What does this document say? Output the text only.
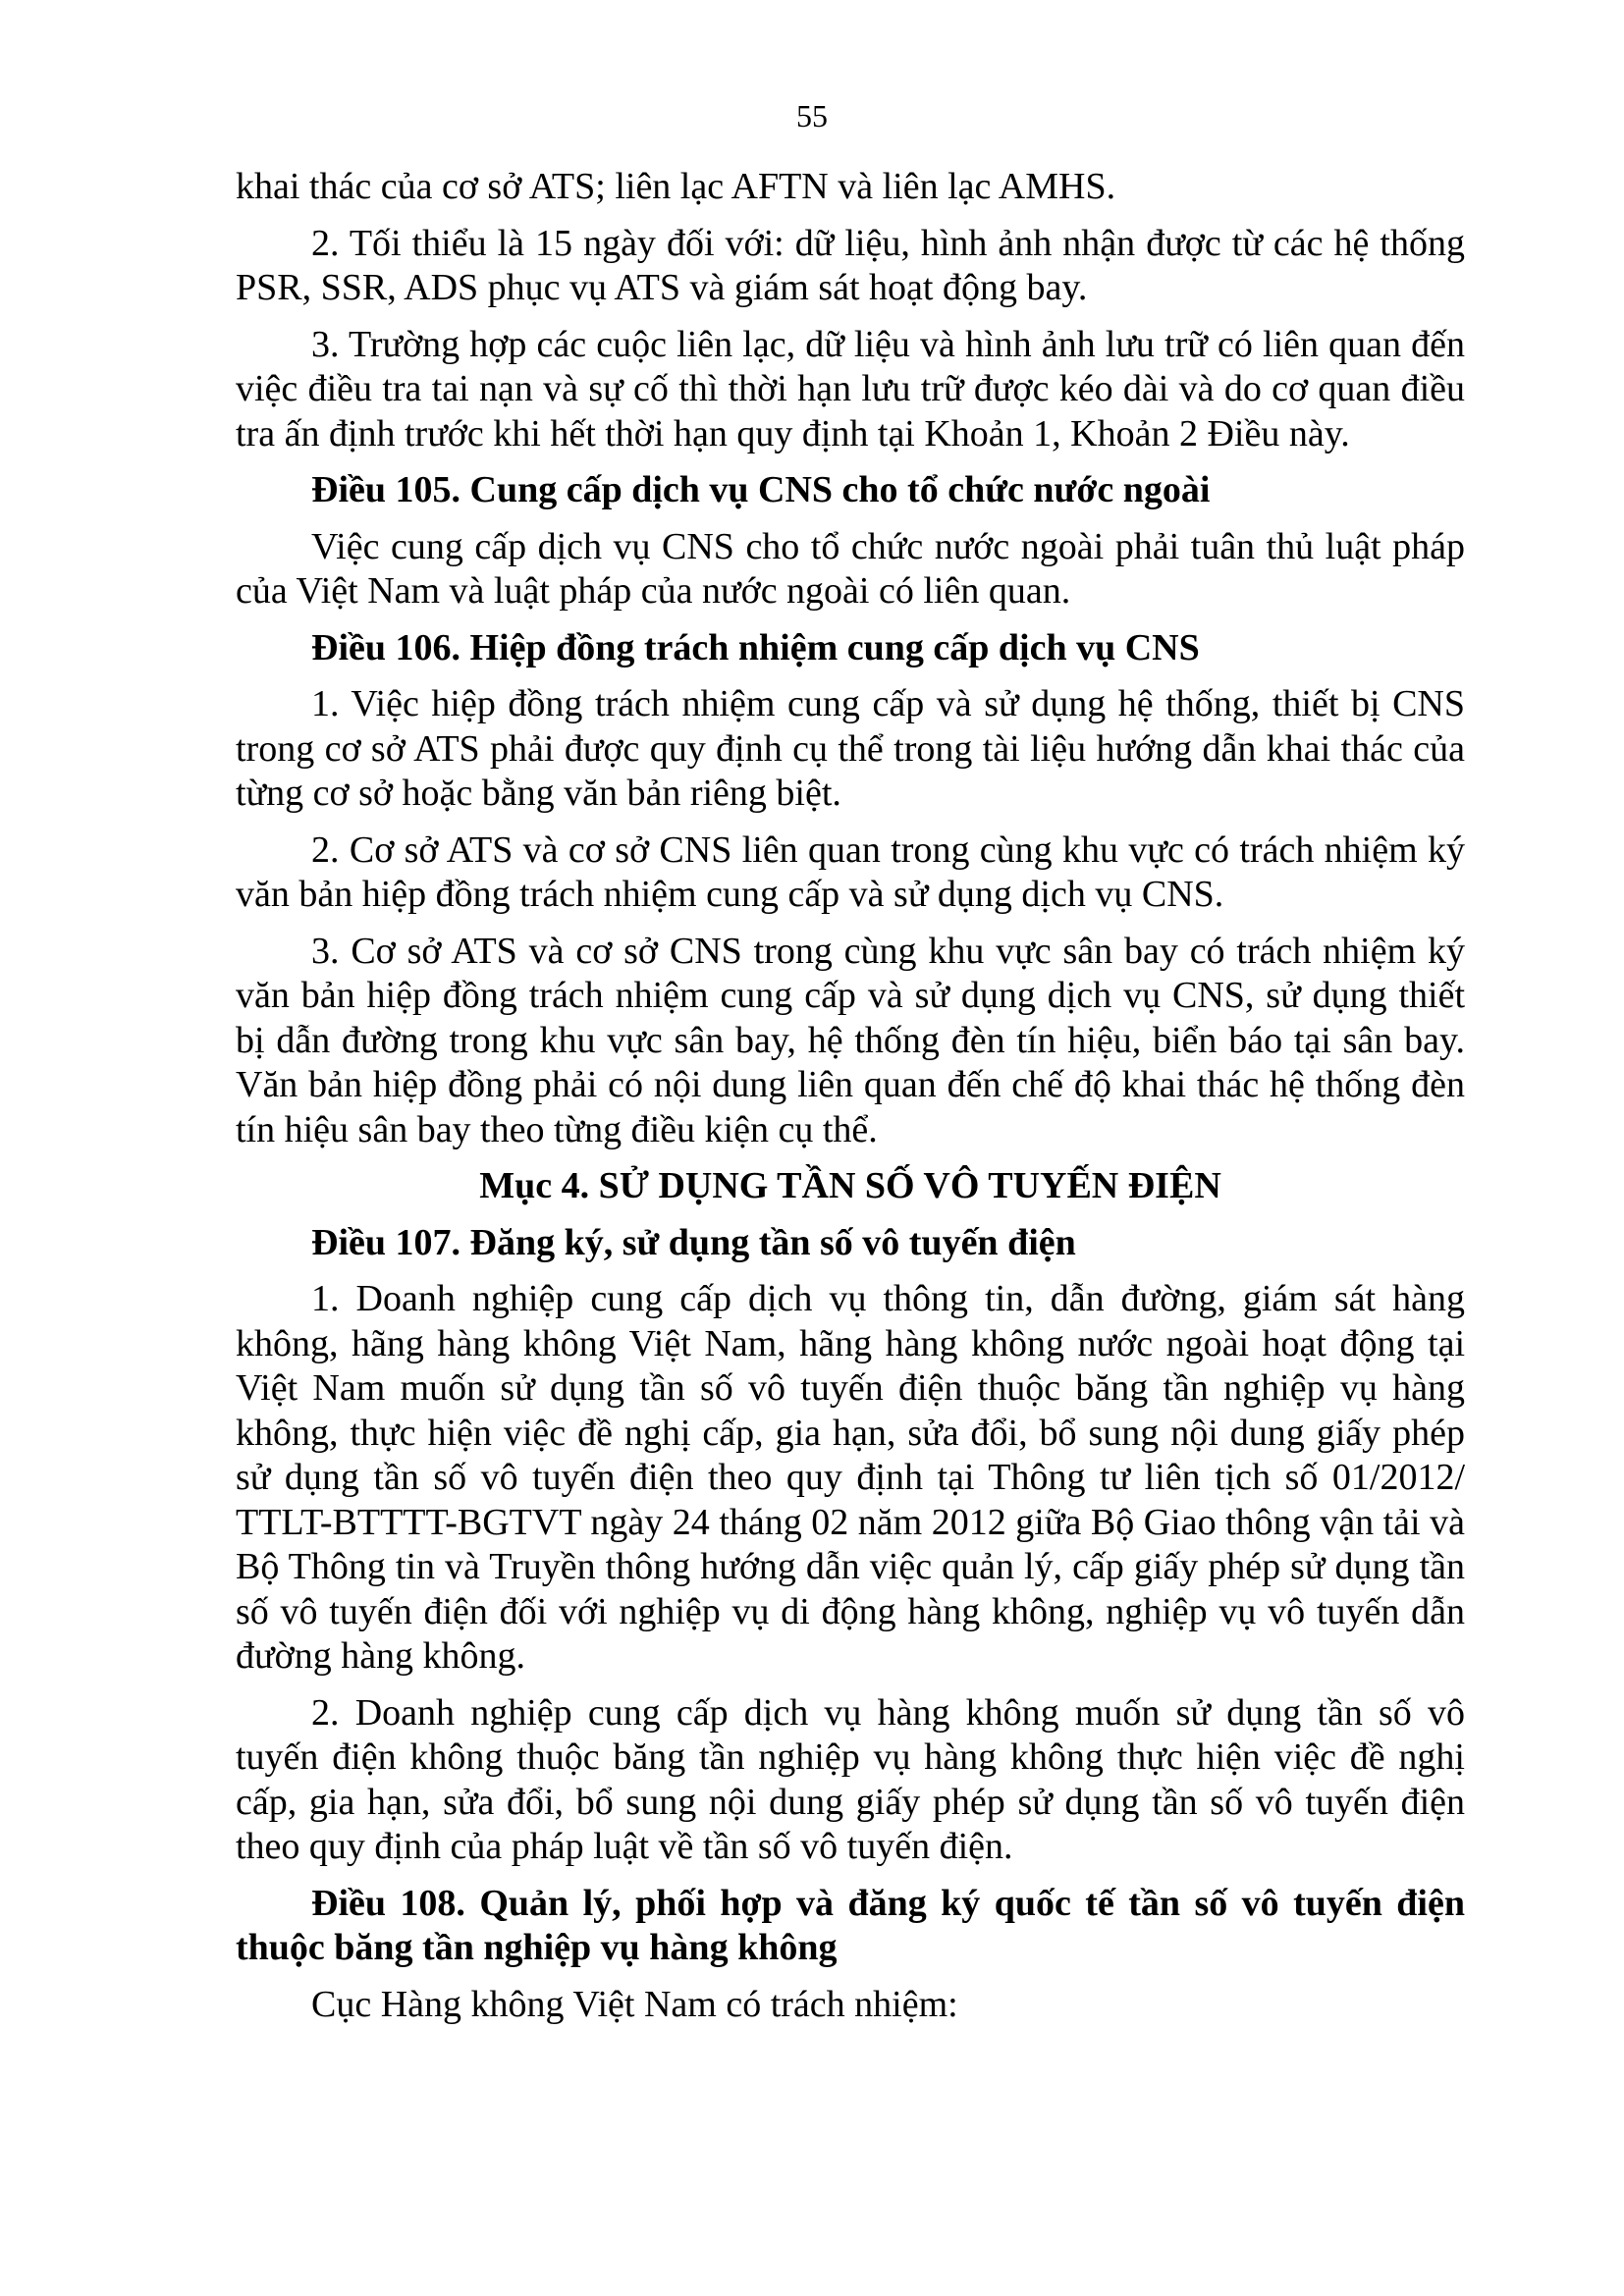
55

khai thác của cơ sở ATS; liên lạc AFTN và liên lạc AMHS.

2. Tối thiểu là 15 ngày đối với: dữ liệu, hình ảnh nhận được từ các hệ thống PSR, SSR, ADS phục vụ ATS và giám sát hoạt động bay.

3. Trường hợp các cuộc liên lạc, dữ liệu và hình ảnh lưu trữ có liên quan đến việc điều tra tai nạn và sự cố thì thời hạn lưu trữ được kéo dài và do cơ quan điều tra ấn định trước khi hết thời hạn quy định tại Khoản 1, Khoản 2 Điều này.

Điều 105. Cung cấp dịch vụ CNS cho tổ chức nước ngoài

Việc cung cấp dịch vụ CNS cho tổ chức nước ngoài phải tuân thủ luật pháp của Việt Nam và luật pháp của nước ngoài có liên quan.

Điều 106. Hiệp đồng trách nhiệm cung cấp dịch vụ CNS

1. Việc hiệp đồng trách nhiệm cung cấp và sử dụng hệ thống, thiết bị CNS trong cơ sở ATS phải được quy định cụ thể trong tài liệu hướng dẫn khai thác của từng cơ sở hoặc bằng văn bản riêng biệt.

2. Cơ sở ATS và cơ sở CNS liên quan trong cùng khu vực có trách nhiệm ký văn bản hiệp đồng trách nhiệm cung cấp và sử dụng dịch vụ CNS.

3. Cơ sở ATS và cơ sở CNS trong cùng khu vực sân bay có trách nhiệm ký văn bản hiệp đồng trách nhiệm cung cấp và sử dụng dịch vụ CNS, sử dụng thiết bị dẫn đường trong khu vực sân bay, hệ thống đèn tín hiệu, biển báo tại sân bay. Văn bản hiệp đồng phải có nội dung liên quan đến chế độ khai thác hệ thống đèn tín hiệu sân bay theo từng điều kiện cụ thể.

Mục 4. SỬ DỤNG TẦN SỐ VÔ TUYẾN ĐIỆN

Điều 107. Đăng ký, sử dụng tần số vô tuyến điện

1. Doanh nghiệp cung cấp dịch vụ thông tin, dẫn đường, giám sát hàng không, hãng hàng không Việt Nam, hãng hàng không nước ngoài hoạt động tại Việt Nam muốn sử dụng tần số vô tuyến điện thuộc băng tần nghiệp vụ hàng không, thực hiện việc đề nghị cấp, gia hạn, sửa đổi, bổ sung nội dung giấy phép sử dụng tần số vô tuyến điện theo quy định tại Thông tư liên tịch số 01/2012/ TTLT-BTTTT-BGTVT ngày 24 tháng 02 năm 2012 giữa Bộ Giao thông vận tải và Bộ Thông tin và Truyền thông hướng dẫn việc quản lý, cấp giấy phép sử dụng tần số vô tuyến điện đối với nghiệp vụ di động hàng không, nghiệp vụ vô tuyến dẫn đường hàng không.

2. Doanh nghiệp cung cấp dịch vụ hàng không muốn sử dụng tần số vô tuyến điện không thuộc băng tần nghiệp vụ hàng không thực hiện việc đề nghị cấp, gia hạn, sửa đổi, bổ sung nội dung giấy phép sử dụng tần số vô tuyến điện theo quy định của pháp luật về tần số vô tuyến điện.

Điều 108. Quản lý, phối hợp và đăng ký quốc tế tần số vô tuyến điện thuộc băng tần nghiệp vụ hàng không

Cục Hàng không Việt Nam có trách nhiệm:
